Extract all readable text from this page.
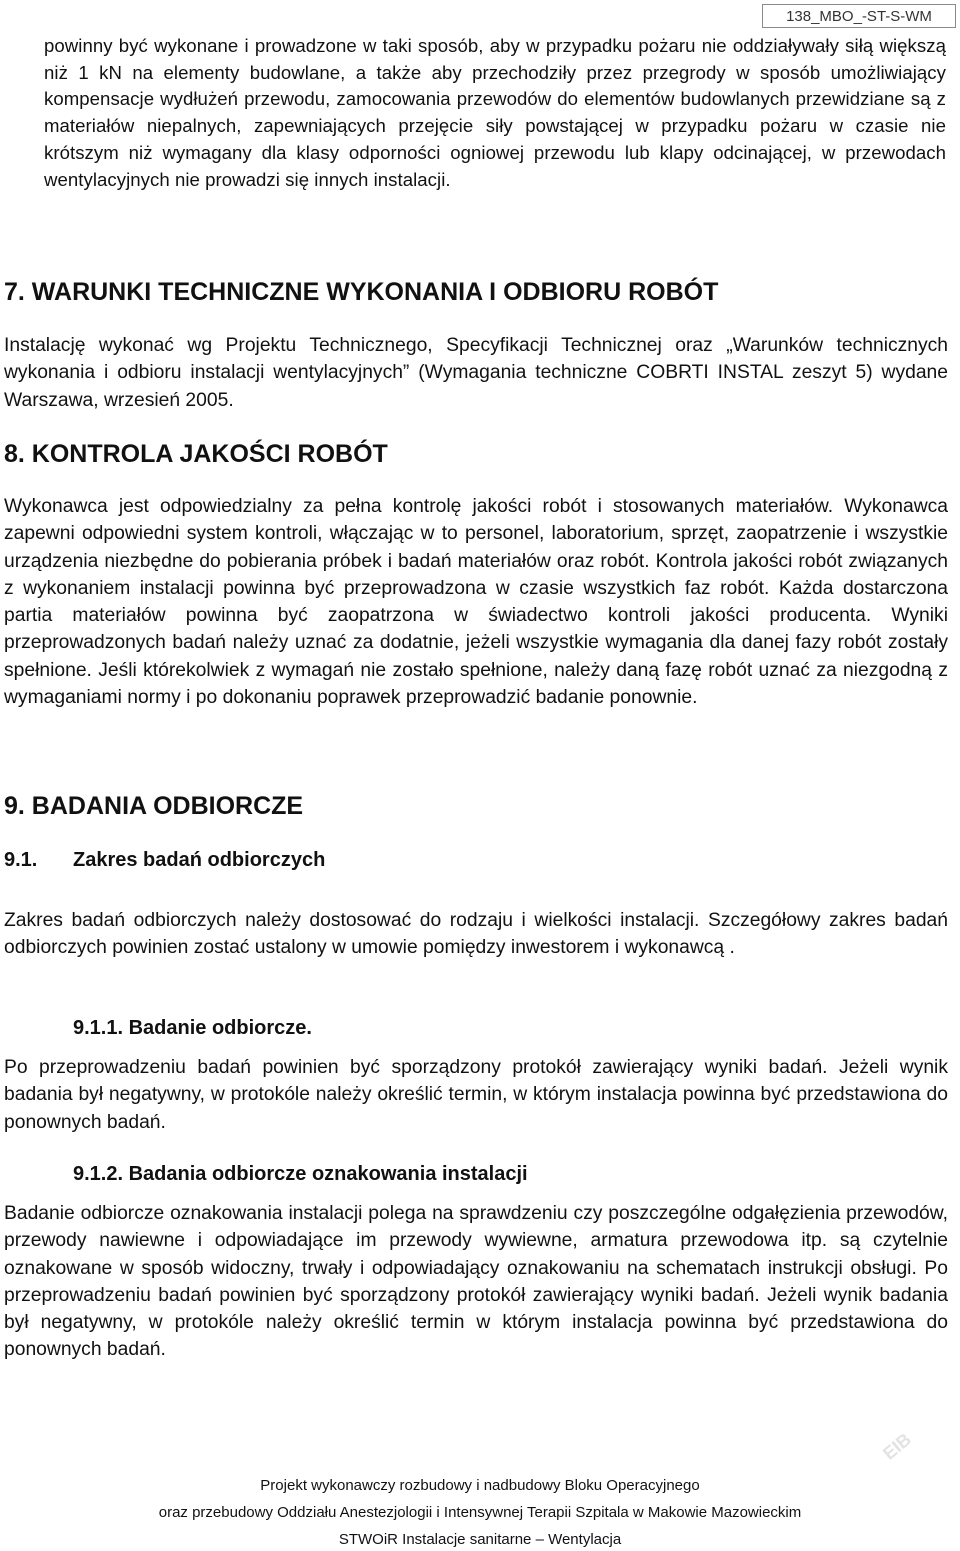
138_MBO_-ST-S-WM

powinny być wykonane i prowadzone w taki sposób, aby w przypadku pożaru nie oddziaływały siłą większą niż 1 kN na elementy budowlane, a także aby przechodziły przez przegrody w sposób umożliwiający kompensacje wydłużeń przewodu, zamocowania przewodów do elementów budowlanych przewidziane są z materiałów niepalnych, zapewniających przejęcie siły powstającej w przypadku pożaru w czasie nie krótszym niż wymagany dla klasy odporności ogniowej przewodu lub klapy odcinającej, w przewodach wentylacyjnych nie prowadzi się innych instalacji.

7. WARUNKI TECHNICZNE WYKONANIA I ODBIORU ROBÓT

Instalację wykonać wg Projektu Technicznego, Specyfikacji Technicznej oraz „Warunków technicznych wykonania i odbioru instalacji wentylacyjnych” (Wymagania techniczne COBRTI INSTAL zeszyt 5) wydane Warszawa, wrzesień 2005.

8. KONTROLA JAKOŚCI ROBÓT

Wykonawca jest odpowiedzialny za pełna kontrolę jakości robót i stosowanych materiałów. Wykonawca zapewni odpowiedni system kontroli, włączając w to personel, laboratorium, sprzęt, zaopatrzenie i wszystkie urządzenia niezbędne do pobierania próbek i badań materiałów oraz robót. Kontrola jakości robót związanych z wykonaniem instalacji powinna być przeprowadzona w czasie wszystkich faz robót. Każda dostarczona partia materiałów powinna być zaopatrzona w świadectwo kontroli jakości producenta. Wyniki przeprowadzonych badań należy uznać za dodatnie, jeżeli wszystkie wymagania dla danej fazy robót zostały spełnione. Jeśli którekolwiek z wymagań nie zostało spełnione, należy daną fazę robót uznać za niezgodną z wymaganiami normy i po dokonaniu poprawek przeprowadzić badanie ponownie.

9. BADANIA ODBIORCZE
9.1. Zakres badań odbiorczych

Zakres badań odbiorczych należy dostosować do rodzaju i wielkości instalacji. Szczegółowy zakres badań odbiorczych powinien zostać ustalony w umowie pomiędzy inwestorem i wykonawcą .

9.1.1. Badanie odbiorcze.

Po przeprowadzeniu badań powinien być sporządzony protokół zawierający wyniki badań. Jeżeli wynik badania był negatywny, w protokóle należy określić termin, w którym instalacja powinna być przedstawiona do ponownych badań.

9.1.2. Badania odbiorcze oznakowania instalacji

Badanie odbiorcze oznakowania instalacji polega na sprawdzeniu czy poszczególne odgałęzienia przewodów, przewody nawiewne i odpowiadające im przewody wywiewne, armatura przewodowa itp. są czytelnie oznakowane w sposób widoczny, trwały i odpowiadający oznakowaniu na schematach instrukcji obsługi. Po przeprowadzeniu badań powinien być sporządzony protokół zawierający wyniki badań. Jeżeli wynik badania był negatywny, w protokóle należy określić termin w którym instalacja powinna być przedstawiona do ponownych badań.

EIB
Projekt wykonawczy rozbudowy i nadbudowy Bloku Operacyjnego
oraz przebudowy Oddziału Anestezjologii i Intensywnej Terapii Szpitala w Makowie Mazowieckim
STWOiR Instalacje sanitarne – Wentylacja
